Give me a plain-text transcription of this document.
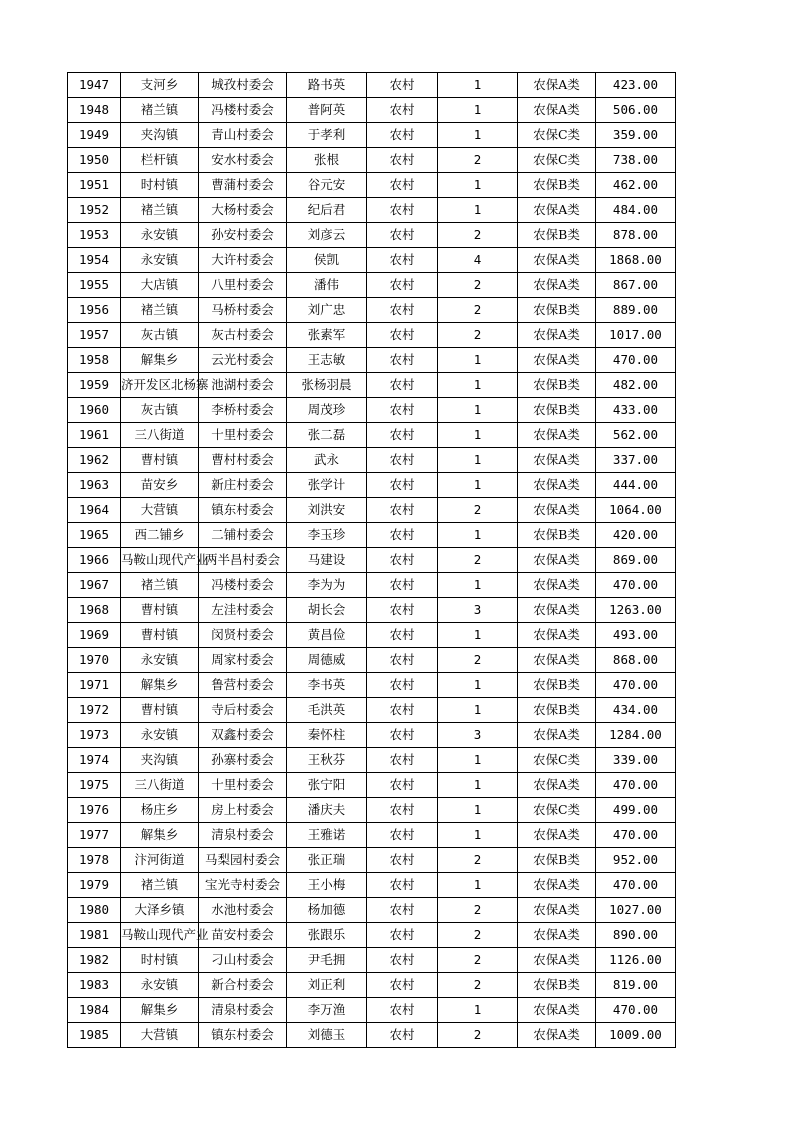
1947	支河乡	城孜村委会	路书英	农村	1	农保A类	423.00
1948	褚兰镇	冯楼村委会	普阿英	农村	1	农保A类	506.00
1949	夹沟镇	青山村委会	于孝利	农村	1	农保C类	359.00
1950	栏杆镇	安水村委会	张根	农村	2	农保C类	738.00
1951	时村镇	曹蒲村委会	谷元安	农村	1	农保B类	462.00
1952	褚兰镇	大杨村委会	纪后君	农村	1	农保A类	484.00
1953	永安镇	孙安村委会	刘彦云	农村	2	农保B类	878.00
1954	永安镇	大许村委会	侯凯	农村	4	农保A类	1868.00
1955	大店镇	八里村委会	潘伟	农村	2	农保A类	867.00
1956	褚兰镇	马桥村委会	刘广忠	农村	2	农保B类	889.00
1957	灰古镇	灰古村委会	张素军	农村	2	农保A类	1017.00
1958	解集乡	云光村委会	王志敏	农村	1	农保A类	470.00
1959	济开发区北杨寨	池湖村委会	张杨羽晨	农村	1	农保B类	482.00
1960	灰古镇	李桥村委会	周茂珍	农村	1	农保B类	433.00
1961	三八街道	十里村委会	张二磊	农村	1	农保A类	562.00
1962	曹村镇	曹村村委会	武永	农村	1	农保A类	337.00
1963	苗安乡	新庄村委会	张学计	农村	1	农保A类	444.00
1964	大营镇	镇东村委会	刘洪安	农村	2	农保A类	1064.00
1965	西二铺乡	二铺村委会	李玉珍	农村	1	农保B类	420.00
1966	马鞍山现代产业	两半昌村委会	马建设	农村	2	农保A类	869.00
1967	褚兰镇	冯楼村委会	李为为	农村	1	农保A类	470.00
1968	曹村镇	左洼村委会	胡长会	农村	3	农保A类	1263.00
1969	曹村镇	闵贤村委会	黄昌俭	农村	1	农保A类	493.00
1970	永安镇	周家村委会	周德威	农村	2	农保A类	868.00
1971	解集乡	鲁营村委会	李书英	农村	1	农保B类	470.00
1972	曹村镇	寺后村委会	毛洪英	农村	1	农保B类	434.00
1973	永安镇	双鑫村委会	秦怀柱	农村	3	农保A类	1284.00
1974	夹沟镇	孙寨村委会	王秋芬	农村	1	农保C类	339.00
1975	三八街道	十里村委会	张宁阳	农村	1	农保A类	470.00
1976	杨庄乡	房上村委会	潘庆夫	农村	1	农保C类	499.00
1977	解集乡	清泉村委会	王雅诺	农村	1	农保A类	470.00
1978	汴河街道	马梨园村委会	张正瑞	农村	2	农保B类	952.00
1979	褚兰镇	宝光寺村委会	王小梅	农村	1	农保A类	470.00
1980	大泽乡镇	水池村委会	杨加德	农村	2	农保A类	1027.00
1981	马鞍山现代产业	苗安村委会	张跟乐	农村	2	农保A类	890.00
1982	时村镇	刁山村委会	尹毛拥	农村	2	农保A类	1126.00
1983	永安镇	新合村委会	刘正利	农村	2	农保B类	819.00
1984	解集乡	清泉村委会	李万渔	农村	1	农保A类	470.00
1985	大营镇	镇东村委会	刘德玉	农村	2	农保A类	1009.00
